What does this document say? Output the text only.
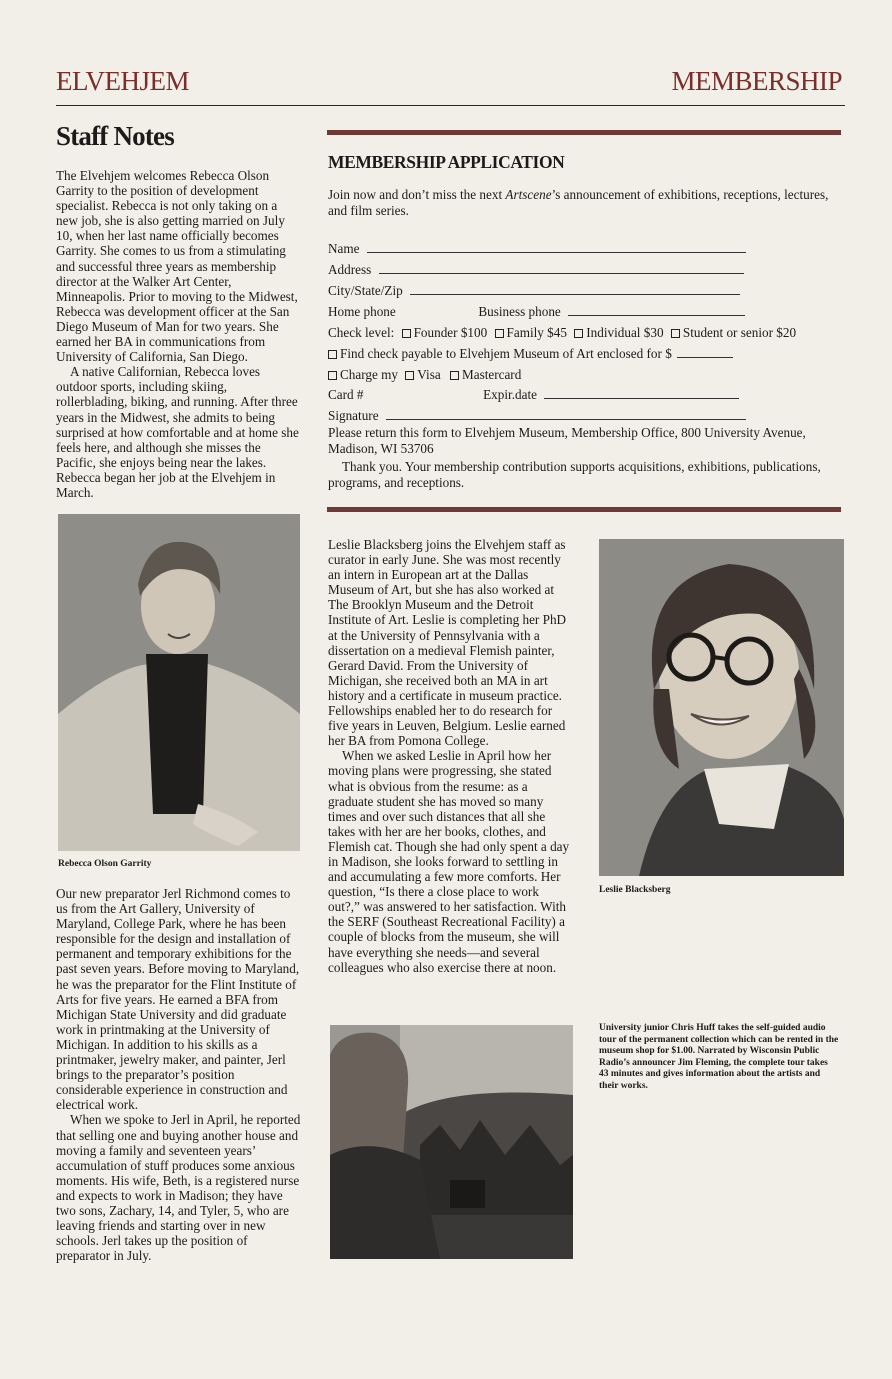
ELVEHJEM	MEMBERSHIP
Staff Notes

The Elvehjem welcomes Rebecca Olson Garrity to the position of development specialist. Rebecca is not only taking on a new job, she is also getting married on July 10, when her last name officially becomes Garrity. She comes to us from a stimulating and successful three years as membership director at the Walker Art Center, Minneapolis. Prior to moving to the Midwest, Rebecca was development officer at the San Diego Museum of Man for two years. She earned her BA in communications from University of California, San Diego.

A native Californian, Rebecca loves outdoor sports, including skiing, rollerblading, biking, and running. After three years in the Midwest, she admits to being surprised at how comfortable and at home she feels here, and although she misses the Pacific, she enjoys being near the lakes. Rebecca began her job at the Elvehjem in March.

Rebecca Olson Garrity

Our new preparator Jerl Richmond comes to us from the Art Gallery, University of Maryland, College Park, where he has been responsible for the design and installation of permanent and temporary exhibitions for the past seven years. Before moving to Maryland, he was the preparator for the Flint Institute of Arts for five years. He earned a BFA from Michigan State University and did graduate work in printmaking at the University of Michigan. In addition to his skills as a printmaker, jewelry maker, and painter, Jerl brings to the preparator’s position considerable experience in construction and electrical work.

When we spoke to Jerl in April, he reported that selling one and buying another house and moving a family and seventeen years’ accumulation of stuff produces some anxious moments. His wife, Beth, is a registered nurse and expects to work in Madison; they have two sons, Zachary, 14, and Tyler, 5, who are leaving friends and starting over in new schools. Jerl takes up the position of preparator in July.

MEMBERSHIP APPLICATION
Join now and don’t miss the next Artscene’s announcement of exhibitions, receptions, lectures, and film series.
Name
Address
City/State/Zip
Home phone	Business phone
Check level: Founder $100 Family $45 Individual $30 Student or senior $20
Find check payable to Elvehjem Museum of Art enclosed for $
Charge my Visa Mastercard
Card #	Expir.date
Signature
Please return this form to Elvehjem Museum, Membership Office, 800 University Avenue, Madison, WI 53706
Thank you. Your membership contribution supports acquisitions, exhibitions, publications, programs, and receptions.

Leslie Blacksberg joins the Elvehjem staff as curator in early June. She was most recently an intern in European art at the Dallas Museum of Art, but she has also worked at The Brooklyn Museum and the Detroit Institute of Art. Leslie is completing her PhD at the University of Pennsylvania with a dissertation on a medieval Flemish painter, Gerard David. From the University of Michigan, she received both an MA in art history and a certificate in museum practice. Fellowships enabled her to do research for five years in Leuven, Belgium. Leslie earned her BA from Pomona College.

When we asked Leslie in April how her moving plans were progressing, she stated what is obvious from the resume: as a graduate student she has moved so many times and over such distances that all she takes with her are her books, clothes, and Flemish cat. Though she had only spent a day in Madison, she looks forward to settling in and accumulating a few more comforts. Her question, “Is there a close place to work out?,” was answered to her satisfaction. With the SERF (Southeast Recreational Facility) a couple of blocks from the museum, she will have everything she needs—and several colleagues who also exercise there at noon.

Leslie Blacksberg
University junior Chris Huff takes the self-guided audio tour of the permanent collection which can be rented in the museum shop for $1.00. Narrated by Wisconsin Public Radio’s announcer Jim Fleming, the complete tour takes 43 minutes and gives information about the artists and their works.
